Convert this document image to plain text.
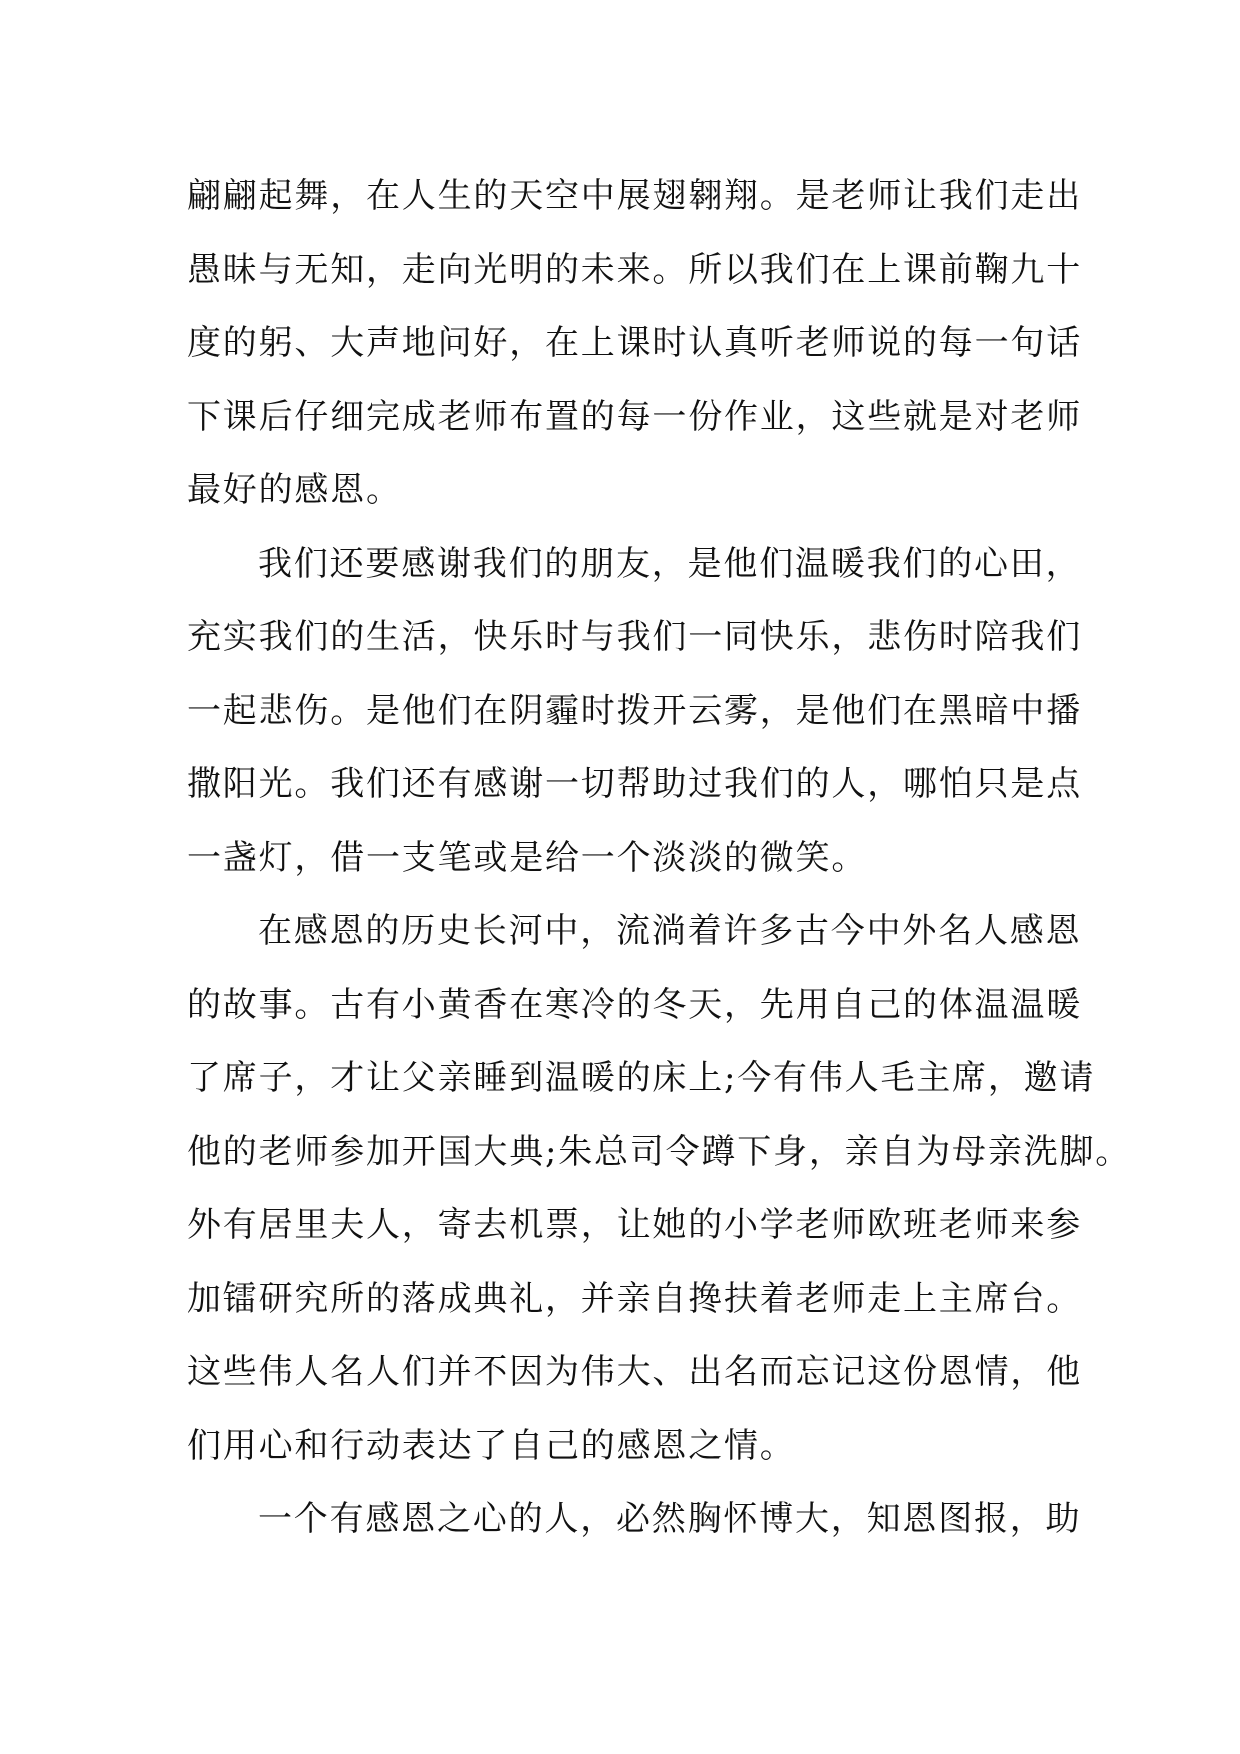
翩翩起舞，在人生的天空中展翅翱翔。是老师让我们走出
愚昧与无知，走向光明的未来。所以我们在上课前鞠九十
度的躬、大声地问好，在上课时认真听老师说的每一句话
下课后仔细完成老师布置的每一份作业，这些就是对老师
最好的感恩。
我们还要感谢我们的朋友，是他们温暖我们的心田，
充实我们的生活，快乐时与我们一同快乐，悲伤时陪我们
一起悲伤。是他们在阴霾时拨开云雾，是他们在黑暗中播
撒阳光。我们还有感谢一切帮助过我们的人，哪怕只是点
一盏灯，借一支笔或是给一个淡淡的微笑。
在感恩的历史长河中，流淌着许多古今中外名人感恩
的故事。古有小黄香在寒冷的冬天，先用自己的体温温暖
了席子，才让父亲睡到温暖的床上;今有伟人毛主席，邀请
他的老师参加开国大典;朱总司令蹲下身，亲自为母亲洗脚。
外有居里夫人，寄去机票，让她的小学老师欧班老师来参
加镭研究所的落成典礼，并亲自搀扶着老师走上主席台。
这些伟人名人们并不因为伟大、出名而忘记这份恩情，他
们用心和行动表达了自己的感恩之情。
一个有感恩之心的人，必然胸怀博大，知恩图报，助
